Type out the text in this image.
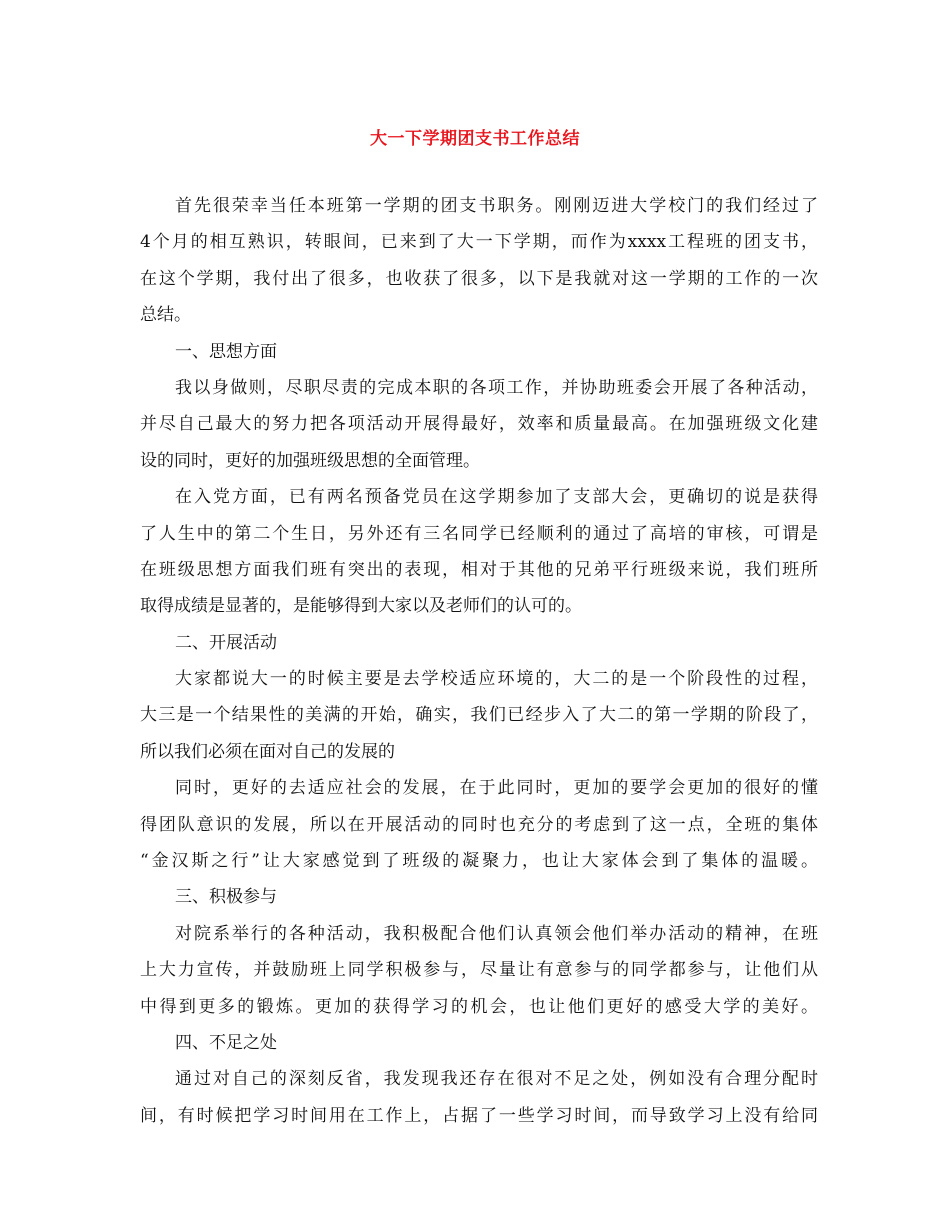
大一下学期团支书工作总结
首先很荣幸当任本班第一学期的团支书职务。刚刚迈进大学校门的我们经过了
4个月的相互熟识，转眼间，已来到了大一下学期，而作为xxxx工程班的团支书，
在这个学期，我付出了很多，也收获了很多，以下是我就对这一学期的工作的一次
总结。
一、思想方面
我以身做则，尽职尽责的完成本职的各项工作，并协助班委会开展了各种活动，
并尽自己最大的努力把各项活动开展得最好，效率和质量最高。在加强班级文化建
设的同时，更好的加强班级思想的全面管理。
在入党方面，已有两名预备党员在这学期参加了支部大会，更确切的说是获得
了人生中的第二个生日，另外还有三名同学已经顺利的通过了高培的审核，可谓是
在班级思想方面我们班有突出的表现，相对于其他的兄弟平行班级来说，我们班所
取得成绩是显著的，是能够得到大家以及老师们的认可的。
二、开展活动
大家都说大一的时候主要是去学校适应环境的，大二的是一个阶段性的过程，
大三是一个结果性的美满的开始，确实，我们已经步入了大二的第一学期的阶段了，
所以我们必须在面对自己的发展的
同时，更好的去适应社会的发展，在于此同时，更加的要学会更加的很好的懂
得团队意识的发展，所以在开展活动的同时也充分的考虑到了这一点，全班的集体
“金汉斯之行”让大家感觉到了班级的凝聚力，也让大家体会到了集体的温暖。
三、积极参与
对院系举行的各种活动，我积极配合他们认真领会他们举办活动的精神，在班
上大力宣传，并鼓励班上同学积极参与，尽量让有意参与的同学都参与，让他们从
中得到更多的锻炼。更加的获得学习的机会，也让他们更好的感受大学的美好。
四、不足之处
通过对自己的深刻反省，我发现我还存在很对不足之处，例如没有合理分配时
间，有时候把学习时间用在工作上，占据了一些学习时间，而导致学习上没有给同
